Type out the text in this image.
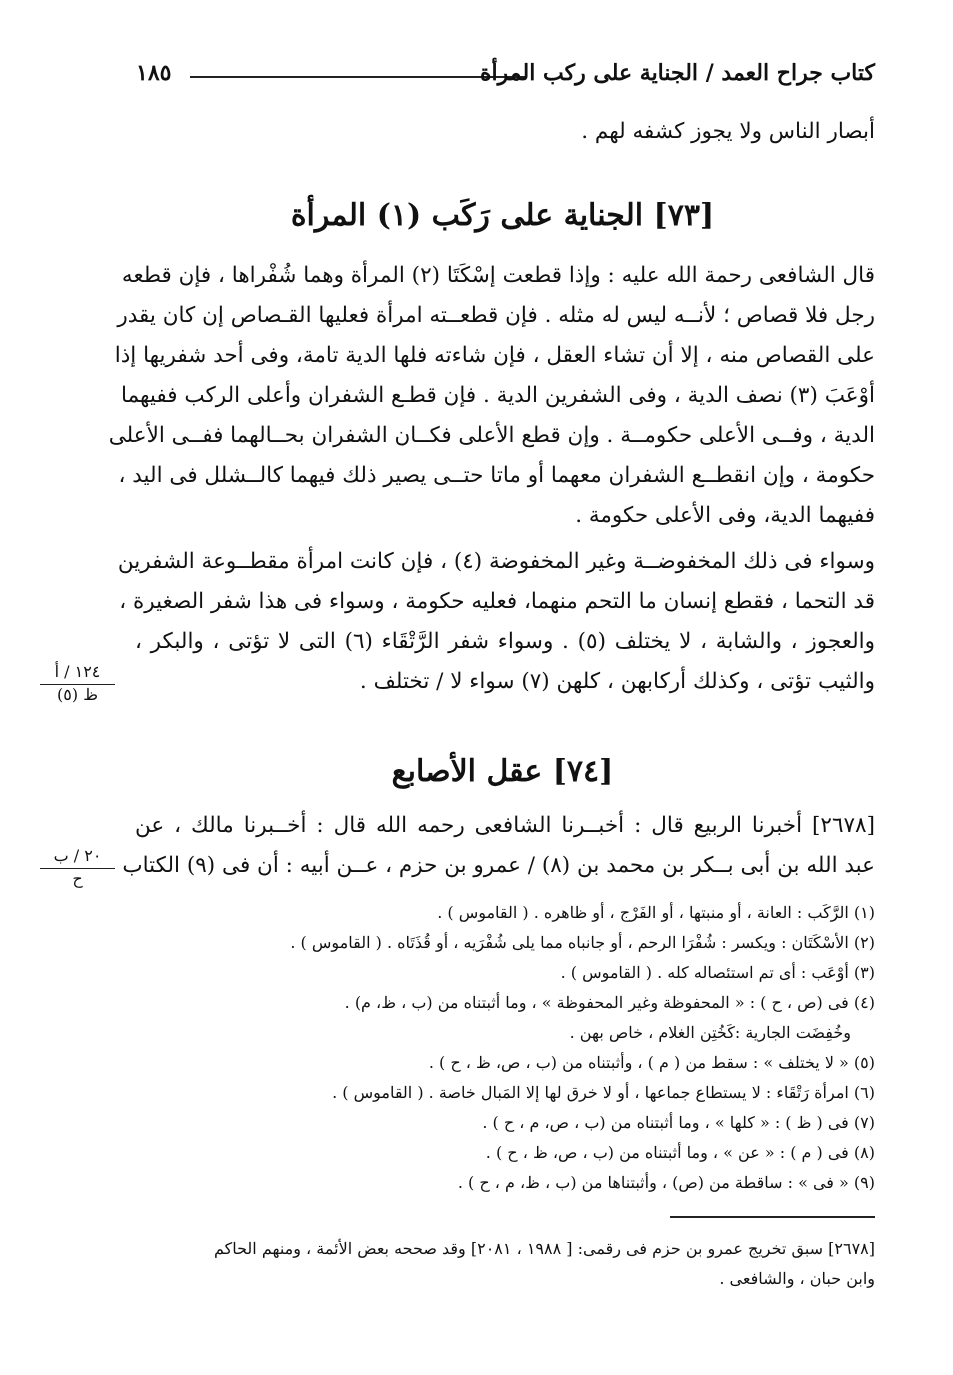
١٨٥	كتاب جراح العمد / الجناية على ركب المرأة
أبصار الناس ولا يجوز كشفه لهم .
[٧٣] الجناية على رَكَب (١) المرأة
قال الشافعى رحمة الله عليه : وإذا قطعت إسْكَتَا (٢) المرأة وهما شُفْراها ، فإن قطعه
رجل فلا قصاص ؛ لأنــه ليس له مثله . فإن قطعــته امرأة فعليها القـصاص إن كان يقدر
على القصاص منه ، إلا أن تشاء العقل ، فإن شاءته فلها الدية تامة، وفى أحد شفريها إذا
أوْعَبَ (٣) نصف الدية ، وفى الشفرين الدية . فإن قطـع الشفران وأعلى الركب ففيهما
الدية ، وفــى الأعلى حكومــة . وإن قطع الأعلى فكــان الشفران بحــالهما ففــى الأعلى
حكومة ، وإن انقطــع الشفران معهما أو ماتا حتــى يصير ذلك فيهما كالــشلل فى اليد ،
ففيهما الدية، وفى الأعلى حكومة .
وسواء فى ذلك المخفوضــة وغير المخفوضة (٤) ، فإن كانت امرأة مقطــوعة الشفرين
قد التحما ، فقطع إنسان ما التحم منهما، فعليه حكومة ، وسواء فى هذا شفر الصغيرة ،
والعجوز ، والشابة ، لا يختلف (٥) . وسواء شفر الرَّتْقَاء (٦) التى لا تؤتى ، والبكر ،
والثيب تؤتى ، وكذلك أركابهن ، كلهن (٧) سواء لا / تختلف .
١٢٤ / أ
ظ (٥)
[٧٤] عقل الأصابع
[٢٦٧٨] أخبرنا الربيع قال : أخبــرنا الشافعى رحمه الله قال : أخــبرنا مالك ، عن
عبد الله بن أبى بــكر بن محمد بن (٨) / عمرو بن حزم ، عــن أبيه : أن فى (٩) الكتاب
٢٠ / ب
ح
(١) الرَّكَب : العانة ، أو منبتها ، أو الفَرْج ، أو ظاهره . ( القاموس ) .
(٢) الأسْكَتَان : ويكسر : شُفْرَا الرحم ، أو جانباه مما يلى شُفْرَيه ، أو قُذَتَاه . ( القاموس ) .
(٣) أوْعَب : أى تم استئصاله كله . ( القاموس ) .
(٤) فى (ص ، ح ) : « المحفوظة وغير المحفوظة » ، وما أثبتناه من (ب ، ظ، م) .
وخُفِضَت الجارية :كَخُتِن الغلام ، خاص بهن .
(٥) « لا يختلف » : سقط من ( م ) ، وأثبتناه من (ب ، ص، ظ ، ح ) .
(٦) امرأة رَتْقَاء : لا يستطاع جماعها ، أو لا خرق لها إلا المَبال خاصة . ( القاموس ) .
(٧) فى ( ظ ) : « كلها » ، وما أثبتناه من (ب ، ص، م ، ح ) .
(٨) فى ( م ) : « عن » ، وما أثبتناه من (ب ، ص، ظ ، ح ) .
(٩) « فى » : ساقطة من (ص) ، وأثبتناها من (ب ، ظ، م ، ح ) .
[٢٦٧٨] سبق تخريج عمرو بن حزم فى رقمى: [ ١٩٨٨ ، ٢٠٨١] وقد صححه بعض الأئمة ، ومنهم الحاكم
وابن حبان ، والشافعى .
